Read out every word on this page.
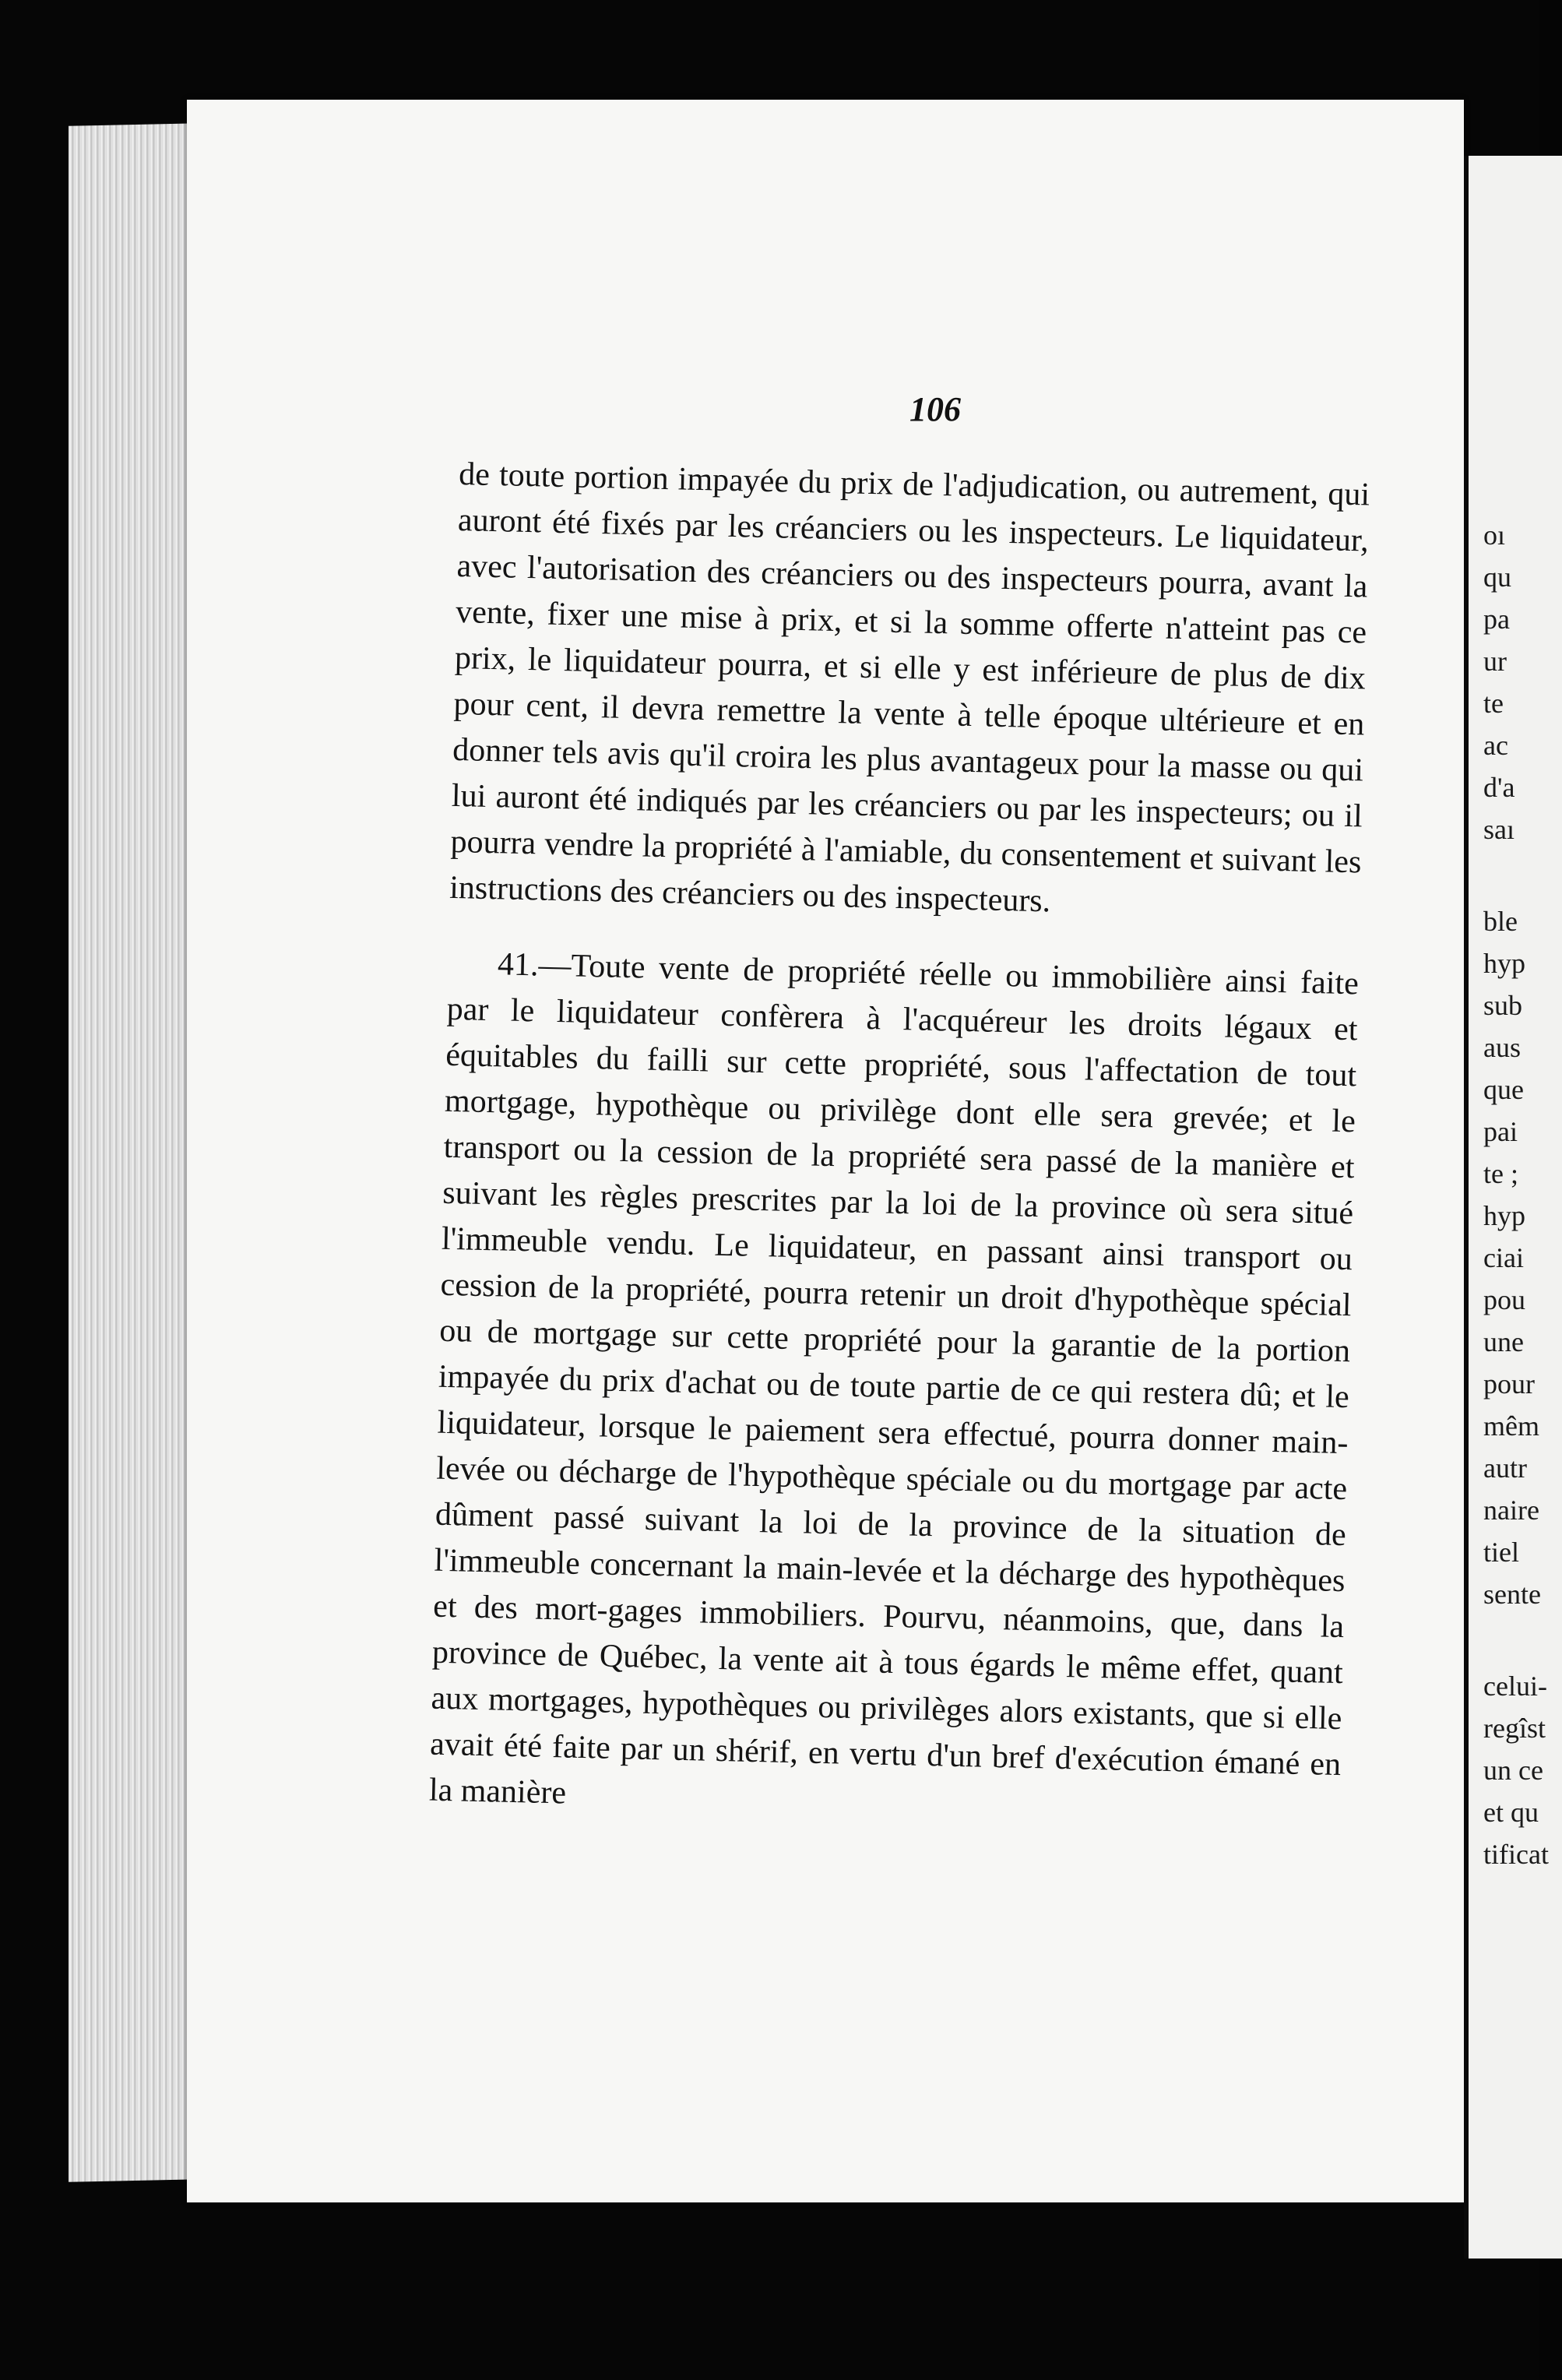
106

de toute portion impayée du prix de l'adjudication, ou autrement, qui auront été fixés par les créanciers ou les inspecteurs. Le liquidateur, avec l'autorisation des créanciers ou des inspecteurs pourra, avant la vente, fixer une mise à prix, et si la somme offerte n'atteint pas ce prix, le liquidateur pourra, et si elle y est inférieure de plus de dix pour cent, il devra remettre la vente à telle époque ultérieure et en donner tels avis qu'il croira les plus avantageux pour la masse ou qui lui auront été indiqués par les créanciers ou par les inspecteurs; ou il pourra vendre la propriété à l'amiable, du consentement et suivant les instructions des créanciers ou des inspecteurs.

41.—Toute vente de propriété réelle ou immobilière ainsi faite par le liquidateur confèrera à l'acquéreur les droits légaux et équitables du failli sur cette propriété, sous l'affectation de tout mortgage, hypothèque ou privilège dont elle sera grevée; et le transport ou la cession de la propriété sera passé de la manière et suivant les règles prescrites par la loi de la province où sera situé l'immeuble vendu. Le liquidateur, en passant ainsi transport ou cession de la propriété, pourra retenir un droit d'hypothèque spécial ou de mortgage sur cette propriété pour la garantie de la portion impayée du prix d'achat ou de toute partie de ce qui restera dû; et le liquidateur, lorsque le paiement sera effectué, pourra donner main-levée ou décharge de l'hypothèque spéciale ou du mortgage par acte dûment passé suivant la loi de la province de la situation de l'immeuble concernant la main-levée et la décharge des hypothèques et des mort-gages immobiliers. Pourvu, néanmoins, que, dans la province de Québec, la vente ait à tous égards le même effet, quant aux mortgages, hypothèques ou privilèges alors existants, que si elle avait été faite par un shérif, en vertu d'un bref d'exécution émané en la manière

oı
qu
pa
ur
te
ac
d'a
saı
ble
hyp
sub
aus
que
pai
te ;
hyp
ciai
pou
une
pour
mêm
autr
naire
tiel
sente
celui-
regîst
un ce
et qu
tificat
